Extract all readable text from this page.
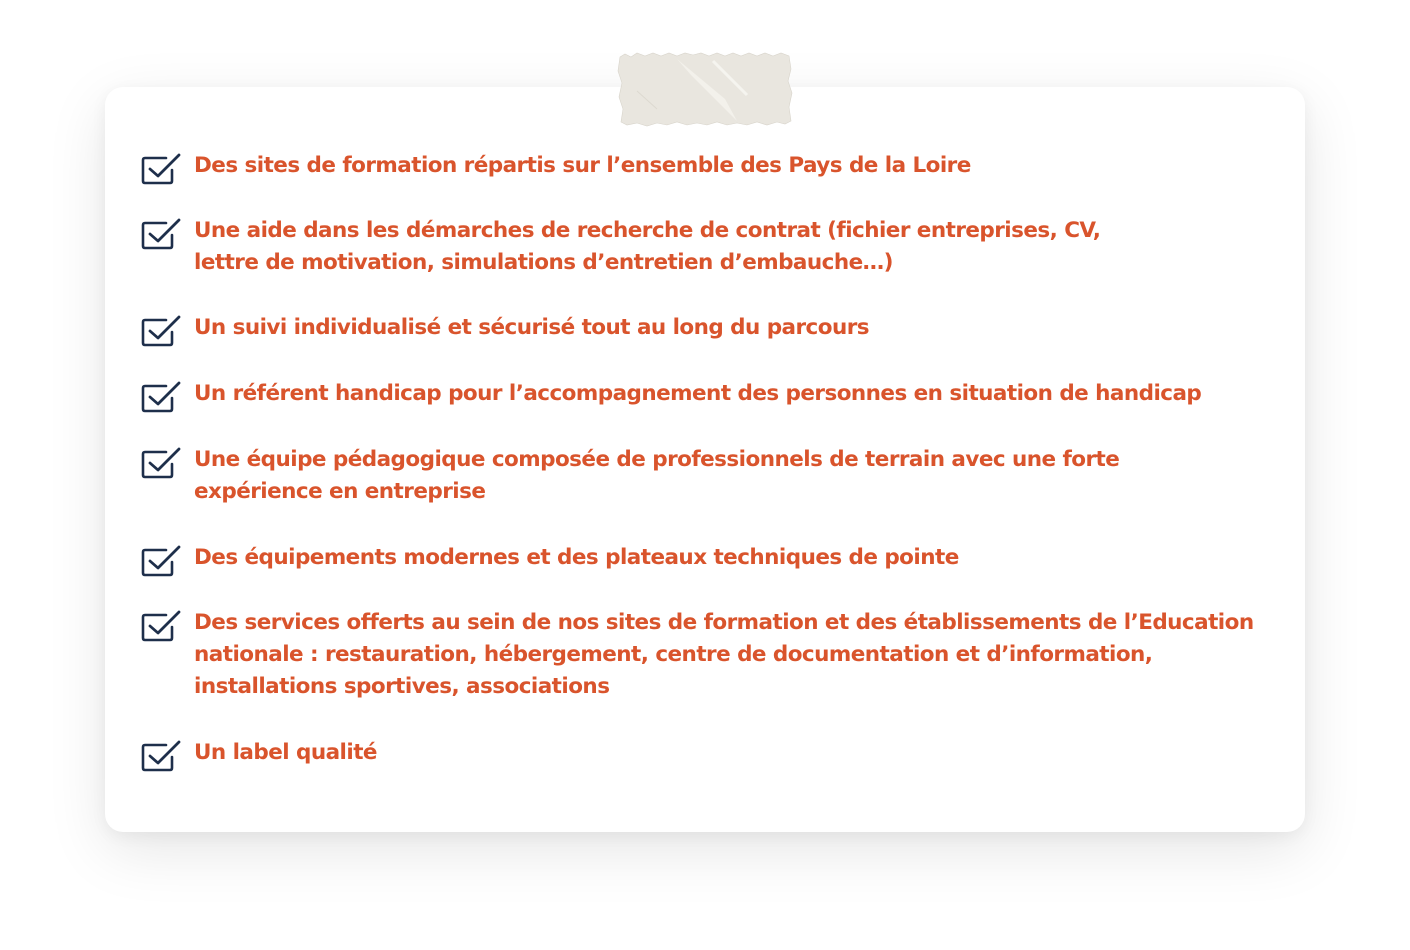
Des sites de formation répartis sur l’ensemble des Pays de la Loire
Une aide dans les démarches de recherche de contrat (fichier entreprises, CV,
lettre de motivation, simulations d’entretien d’embauche…)
Un suivi individualisé et sécurisé tout au long du parcours
Un référent handicap pour l’accompagnement des personnes en situation de handicap
Une équipe pédagogique composée de professionnels de terrain avec une forte
expérience en entreprise
Des équipements modernes et des plateaux techniques de pointe
Des services offerts au sein de nos sites de formation et des établissements de l’Education
nationale : restauration, hébergement, centre de documentation et d’information,
installations sportives, associations
Un label qualité
